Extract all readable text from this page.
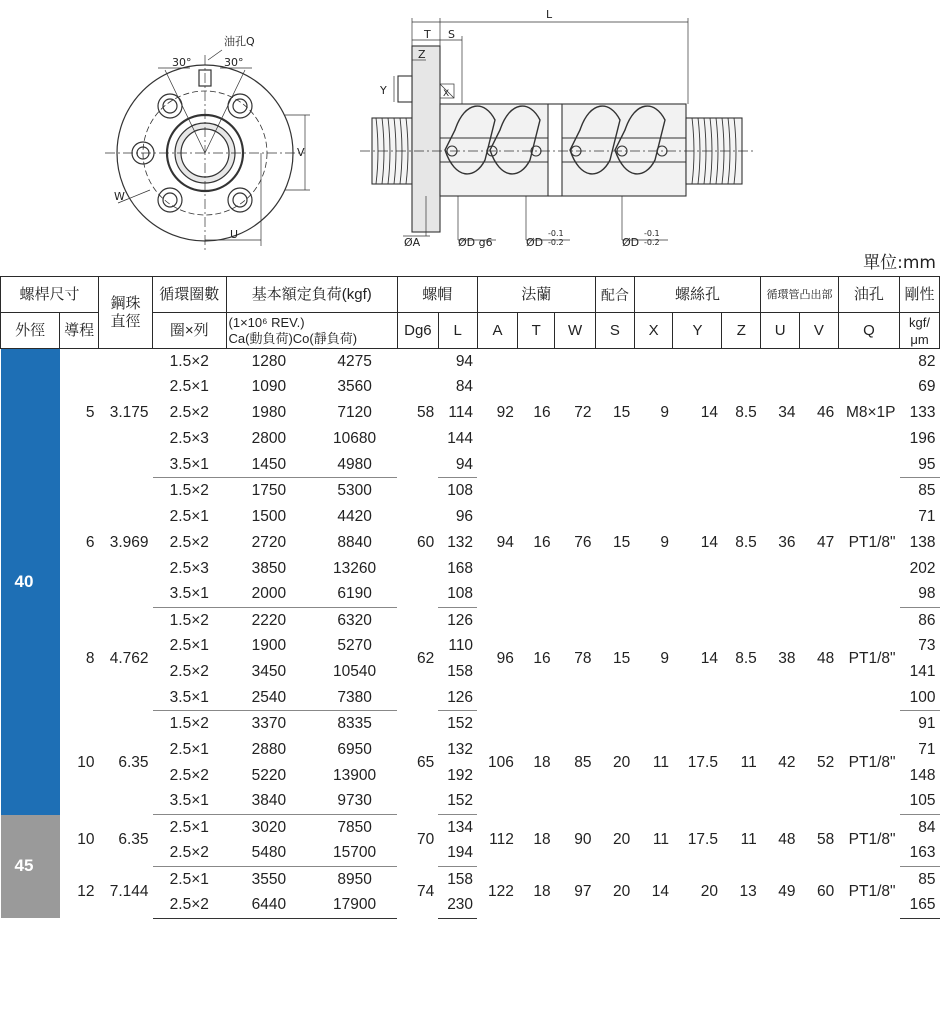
油孔Q
30°	30°
W
U
V
T S
Z
L
X
Y
ØA	ØD g6	ØD
-0.1
-0.2	ØD
-0.1
-0.2
單位:mm
螺桿尺寸		鋼珠
直徑	循環圈數	基本額定負荷(kgf)		螺帽		法蘭			配合	螺絲孔			循環管凸出部		油孔	剛性
外徑	導程		圈×列	(1×10⁶ REV.)
Ca(動負荷)Co(靜負荷)		Dg6	L	A	T	W	S	X	Y	Z	U	V	Q	kgf/μm
40	5	3.175	1.5×2	1280	4275	58	94	92	16	72	15	9	14	8.5	34	46	M8×1P	82
			2.5×1	1090	3560		84											69
			2.5×2	1980	7120		114											133
			2.5×3	2800	10680		144											196
			3.5×1	1450	4980		94											95
	6	3.969	1.5×2	1750	5300	60	108	94	16	76	15	9	14	8.5	36	47	PT1/8"	85
			2.5×1	1500	4420		96											71
			2.5×2	2720	8840		132											138
			2.5×3	3850	13260		168											202
			3.5×1	2000	6190		108											98
	8	4.762	1.5×2	2220	6320	62	126	96	16	78	15	9	14	8.5	38	48	PT1/8"	86
			2.5×1	1900	5270		110											73
			2.5×2	3450	10540		158											141
			3.5×1	2540	7380		126											100
	10	6.35	1.5×2	3370	8335	65	152	106	18	85	20	11	17.5	11	42	52	PT1/8"	91
			2.5×1	2880	6950		132											71
			2.5×2	5220	13900		192											148
			3.5×1	3840	9730		152											105
45	10	6.35	2.5×1	3020	7850	70	134	112	18	90	20	11	17.5	11	48	58	PT1/8"	84
			2.5×2	5480	15700		194											163
	12	7.144	2.5×1	3550	8950	74	158	122	18	97	20	14	20	13	49	60	PT1/8"	85
			2.5×2	6440	17900		230											165
